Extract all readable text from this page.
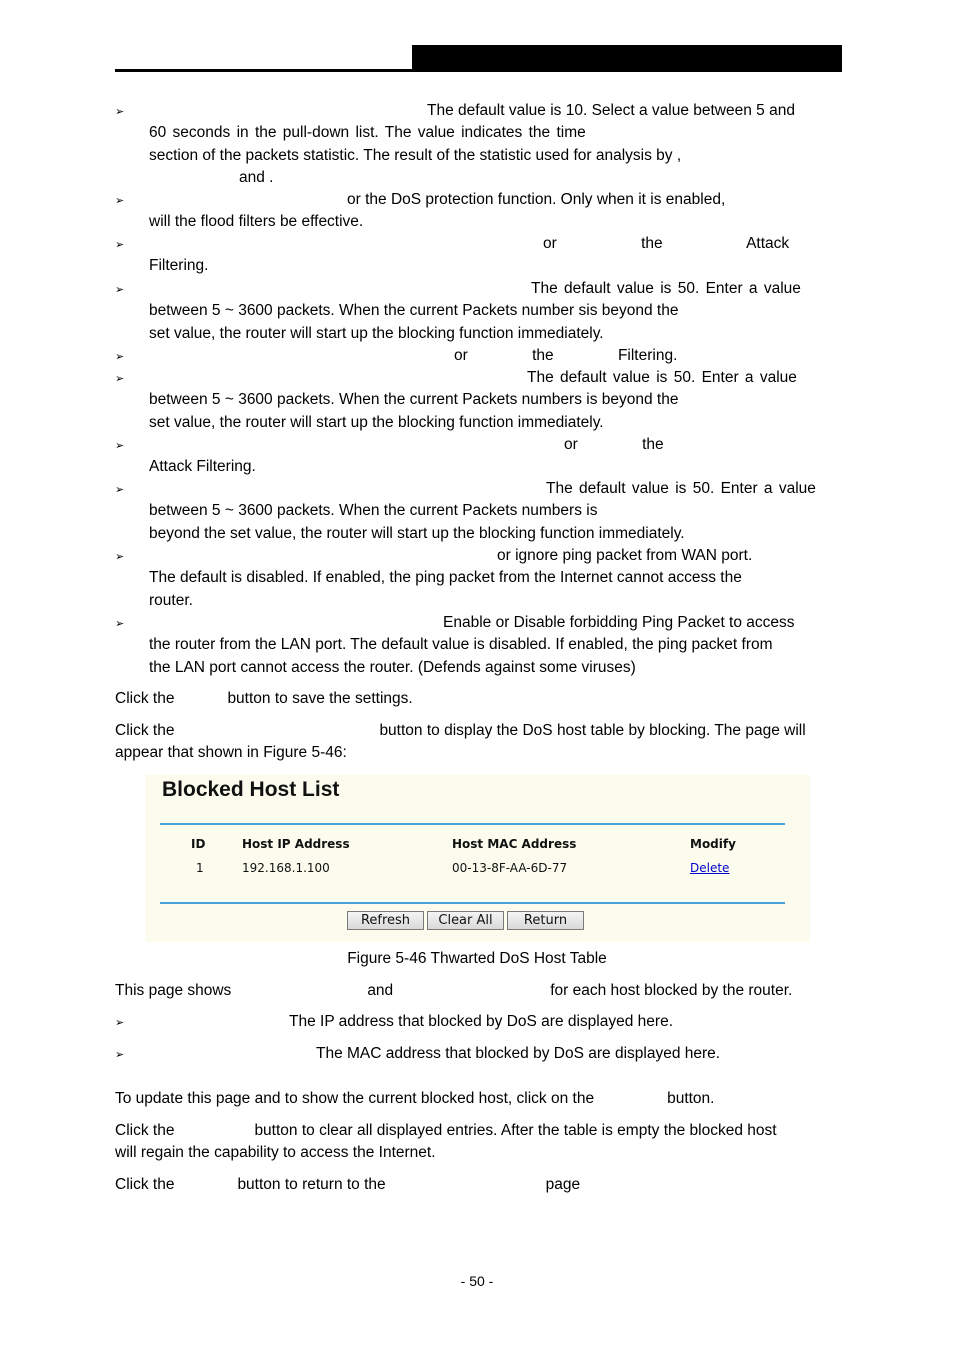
➢	The default value is 10. Select a value between 5 and
60 seconds in the pull-down list. The value indicates the time
section of the packets statistic. The result of the statistic used for analysis by ,
and .
➢	or the DoS protection function. Only when it is enabled,
will the flood filters be effective.
➢	or the Attack
Filtering.
➢	The default value is 50. Enter a value
between 5 ~ 3600 packets. When the current Packets number sis beyond the
set value, the router will start up the blocking function immediately.
➢	or the Filtering.
➢	The default value is 50. Enter a value
between 5 ~ 3600 packets. When the current Packets numbers is beyond the
set value, the router will start up the blocking function immediately.
➢	or the
Attack Filtering.
➢	The default value is 50. Enter a value
between 5 ~ 3600 packets. When the current Packets numbers is
beyond the set value, the router will start up the blocking function immediately.
➢	or ignore ping packet from WAN port.
The default is disabled. If enabled, the ping packet from the Internet cannot access the
router.
➢	Enable or Disable forbidding Ping Packet to access
the router from the LAN port. The default value is disabled. If enabled, the ping packet from
the LAN port cannot access the router. (Defends against some viruses)
Click the	button to save the settings.
Click the	button to display the DoS host table by blocking. The page will
appear that shown in Figure 5-46:
Blocked Host List
ID	Host IP Address	Host MAC Address	Modify
1	192.168.1.100	00-13-8F-AA-6D-77	Delete
Refresh	Clear All	Return
Figure 5-46 Thwarted DoS Host Table
This page shows	and	for each host blocked by the router.
➢	The IP address that blocked by DoS are displayed here.
➢	The MAC address that blocked by DoS are displayed here.
To update this page and to show the current blocked host, click on the	button.
Click the	button to clear all displayed entries. After the table is empty the blocked host
will regain the capability to access the Internet.
Click the	button to return to the	page
- 50 -
